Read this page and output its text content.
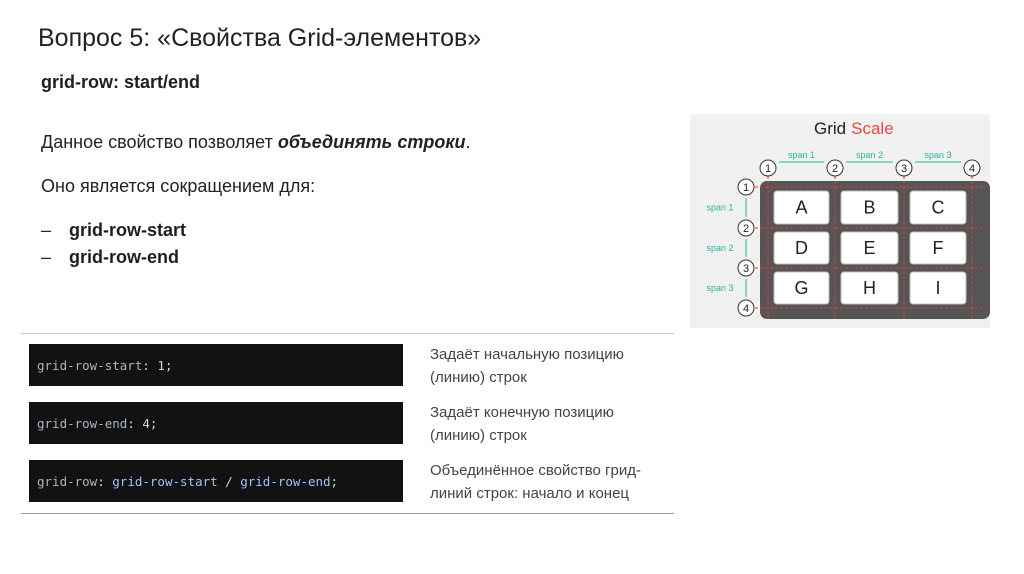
Вопрос 5: «Свойства Grid-элементов»
grid-row: start/end
Данное свойство позволяет объединять строки.
Оно является сокращением для:
– grid-row-start
– grid-row-end
grid-row-start : 1 ;
Задаёт начальную позицию
(линию) строк
grid-row-end : 4 ;
Задаёт конечную позицию
(линию) строк
grid-row : grid-row-start / grid-row-end ;
Объединённое свойство грид-
линий строк: начало и конец
Grid Scale
A	B	C
D	E	F
G	H	I
1	2	3	4
1
2
3
4
span 1	span 2	span 3
span 1
span 2
span 3
